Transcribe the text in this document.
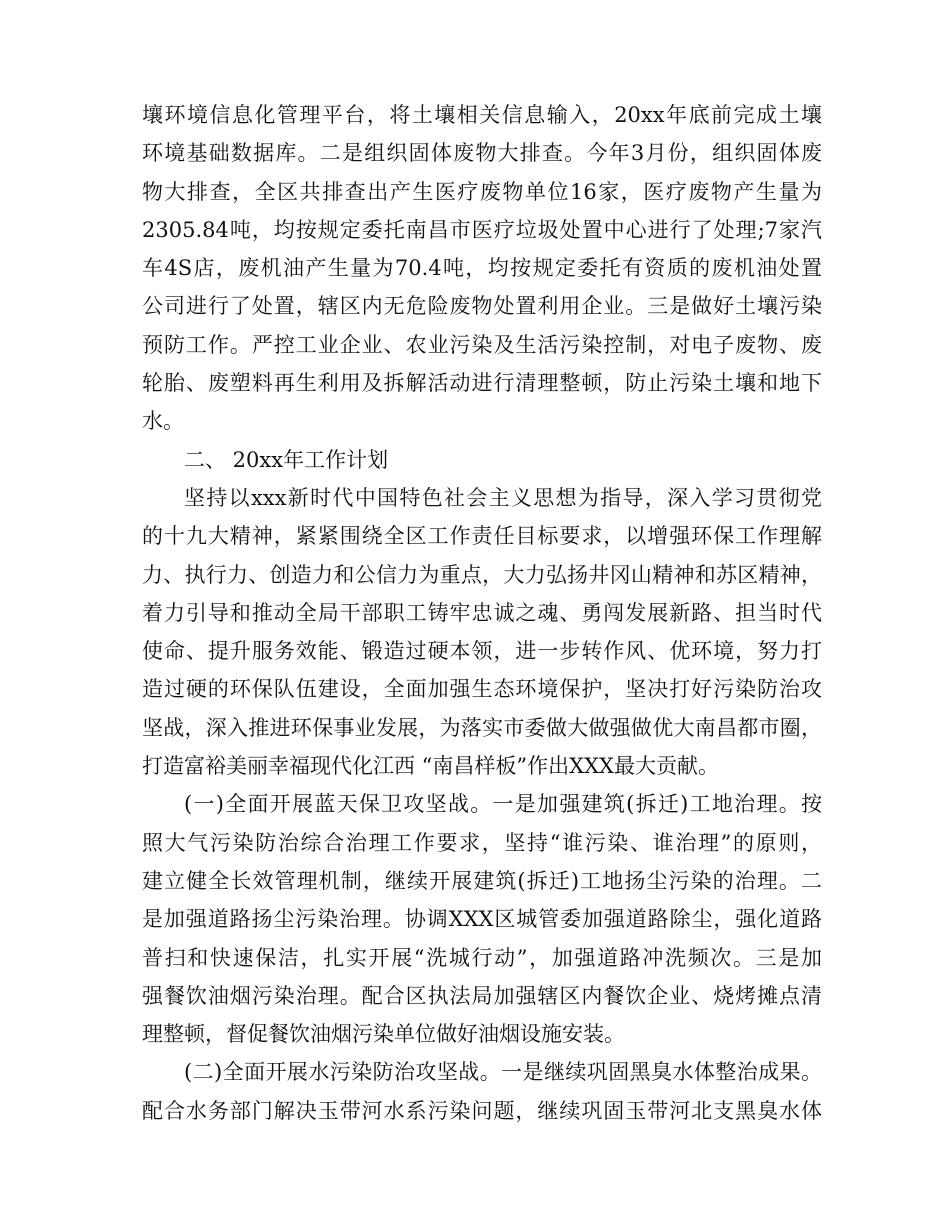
壤环境信息化管理平台，将土壤相关信息输入，20xx年底前完成土壤
环境基础数据库。二是组织固体废物大排查。今年3月份，组织固体废
物大排查，全区共排查出产生医疗废物单位16家，医疗废物产生量为
2305.84吨，均按规定委托南昌市医疗垃圾处置中心进行了处理;7家汽
车4S店，废机油产生量为70.4吨，均按规定委托有资质的废机油处置
公司进行了处置，辖区内无危险废物处置利用企业。三是做好土壤污染
预防工作。严控工业企业、农业污染及生活污染控制，对电子废物、废
轮胎、废塑料再生利用及拆解活动进行清理整顿，防止污染土壤和地下
水。
二、 20xx年工作计划
坚持以xxx新时代中国特色社会主义思想为指导，深入学习贯彻党
的十九大精神，紧紧围绕全区工作责任目标要求，以增强环保工作理解
力、执行力、创造力和公信力为重点，大力弘扬井冈山精神和苏区精神，
着力引导和推动全局干部职工铸牢忠诚之魂、勇闯发展新路、担当时代
使命、提升服务效能、锻造过硬本领，进一步转作风、优环境，努力打
造过硬的环保队伍建设，全面加强生态环境保护，坚决打好污染防治攻
坚战，深入推进环保事业发展，为落实市委做大做强做优大南昌都市圈，
打造富裕美丽幸福现代化江西 “南昌样板”作出XXX最大贡献。
(一)全面开展蓝天保卫攻坚战。一是加强建筑(拆迁)工地治理。按
照大气污染防治综合治理工作要求，坚持“谁污染、谁治理”的原则，
建立健全长效管理机制，继续开展建筑(拆迁)工地扬尘污染的治理。二
是加强道路扬尘污染治理。协调XXX区城管委加强道路除尘，强化道路
普扫和快速保洁，扎实开展“洗城行动”，加强道路冲洗频次。三是加
强餐饮油烟污染治理。配合区执法局加强辖区内餐饮企业、烧烤摊点清
理整顿，督促餐饮油烟污染单位做好油烟设施安装。
(二)全面开展水污染防治攻坚战。一是继续巩固黑臭水体整治成果。
配合水务部门解决玉带河水系污染问题，继续巩固玉带河北支黑臭水体
